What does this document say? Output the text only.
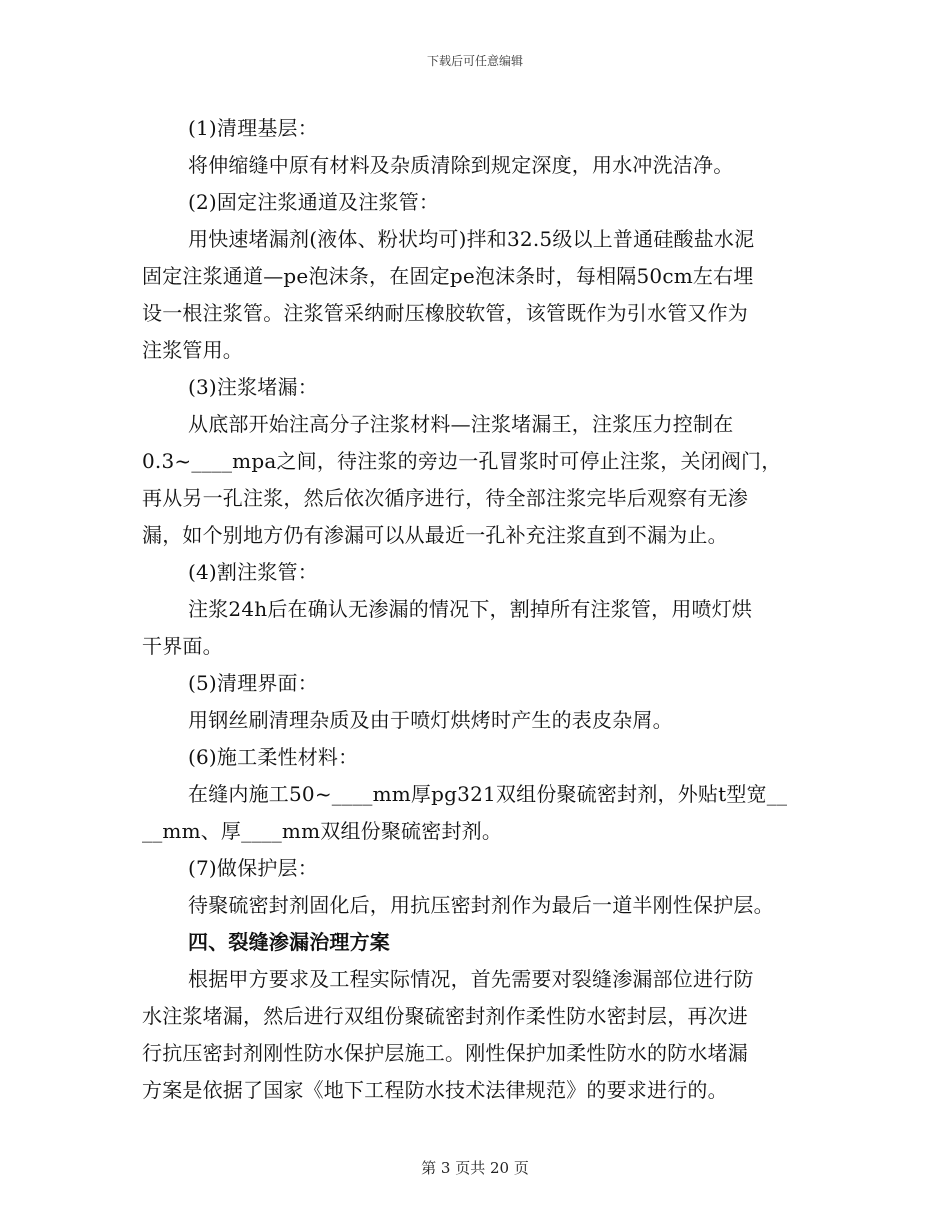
下载后可任意编辑
(1)清理基层：
将伸缩缝中原有材料及杂质清除到规定深度，用水冲洗洁净。
(2)固定注浆通道及注浆管：
用快速堵漏剂(液体、粉状均可)拌和32.5级以上普通硅酸盐水泥
固定注浆通道—pe泡沫条，在固定pe泡沫条时，每相隔50cm左右埋
设一根注浆管。注浆管采纳耐压橡胶软管，该管既作为引水管又作为
注浆管用。
(3)注浆堵漏：
从底部开始注高分子注浆材料—注浆堵漏王，注浆压力控制在
0.3~____mpa之间，待注浆的旁边一孔冒浆时可停止注浆，关闭阀门，
再从另一孔注浆，然后依次循序进行，待全部注浆完毕后观察有无渗
漏，如个别地方仍有渗漏可以从最近一孔补充注浆直到不漏为止。
(4)割注浆管：
注浆24h后在确认无渗漏的情况下，割掉所有注浆管，用喷灯烘
干界面。
(5)清理界面：
用钢丝刷清理杂质及由于喷灯烘烤时产生的表皮杂屑。
(6)施工柔性材料：
在缝内施工50~____mm厚pg321双组份聚硫密封剂，外贴t型宽__
__mm、厚____mm双组份聚硫密封剂。
(7)做保护层：
待聚硫密封剂固化后，用抗压密封剂作为最后一道半刚性保护层。
四、裂缝渗漏治理方案
根据甲方要求及工程实际情况，首先需要对裂缝渗漏部位进行防
水注浆堵漏，然后进行双组份聚硫密封剂作柔性防水密封层，再次进
行抗压密封剂刚性防水保护层施工。刚性保护加柔性防水的防水堵漏
方案是依据了国家《地下工程防水技术法律规范》的要求进行的。
第 3 页共 20 页
